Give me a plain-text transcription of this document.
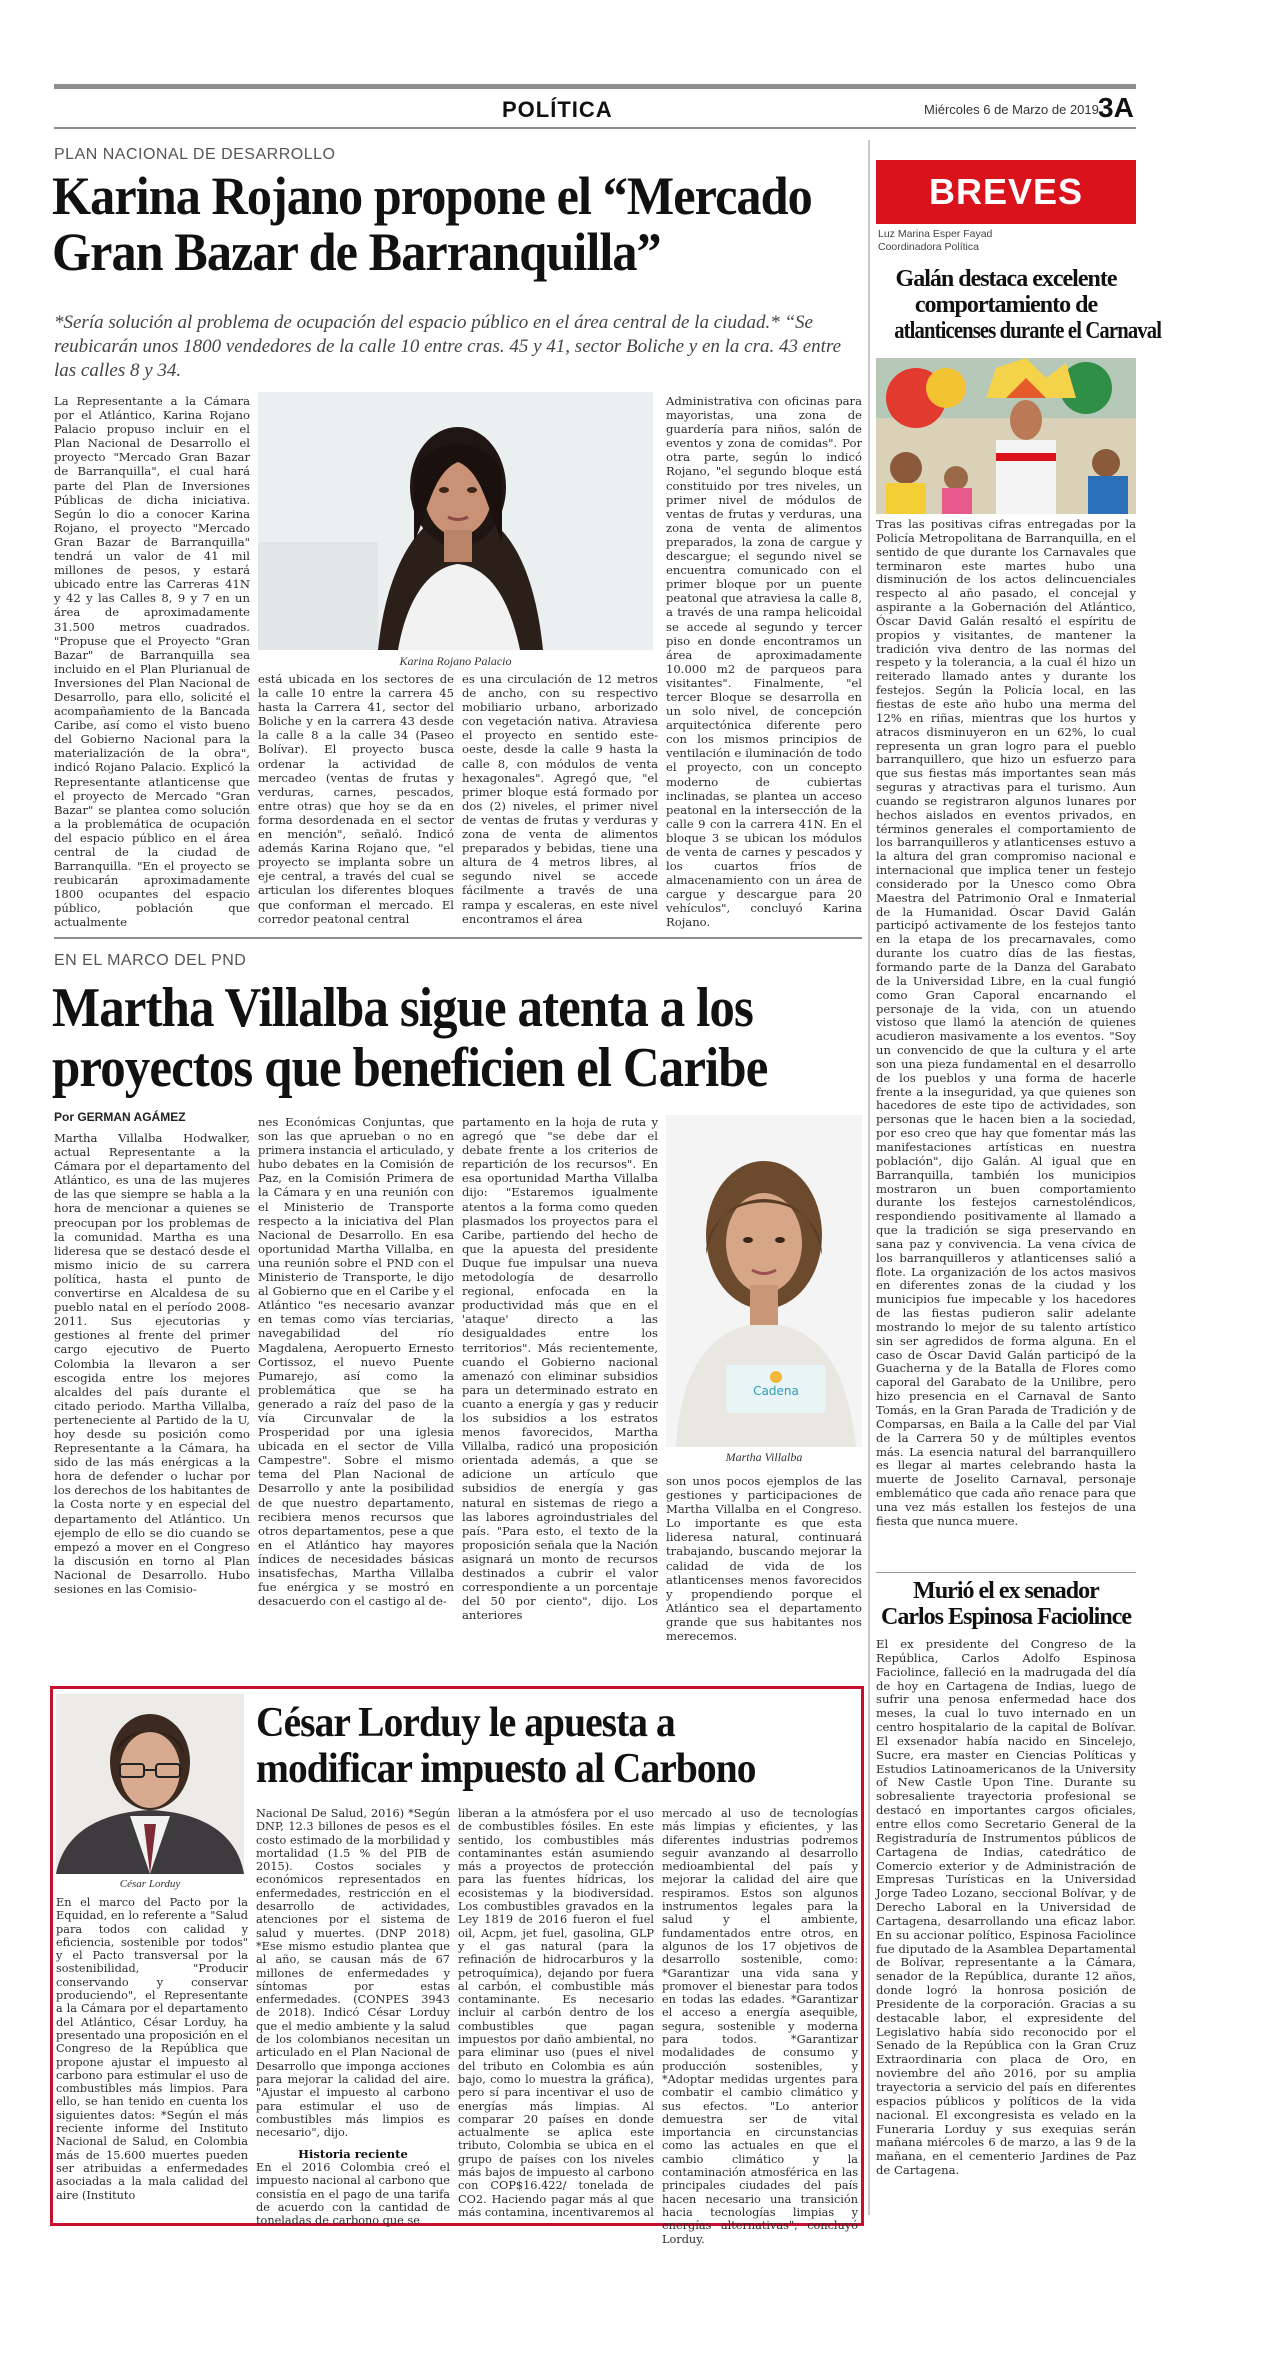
POLÍTICA	Miércoles 6 de Marzo de 2019 3A
PLAN NACIONAL DE DESARROLLO
Karina Rojano propone el “Mercado
Gran Bazar de Barranquilla”
*Sería solución al problema de ocupación del espacio público en el área central de la ciudad.* “Se reubicarán unos 1800 vendedores de la calle 10 entre cras. 45 y 41, sector Boliche y en la cra. 43 entre las calles 8 y 34.
La Representante a la Cámara por el Atlántico, Karina Rojano Palacio propuso incluir en el Plan Nacional de Desarrollo el proyecto "Mercado Gran Bazar de Barranquilla", el cual hará parte del Plan de Inversiones Públicas de dicha iniciativa. Según lo dio a conocer Karina Rojano, el proyecto "Mercado Gran Bazar de Barranquilla" tendrá un valor de 41 mil millones de pesos, y estará ubicado entre las Carreras 41N y 42 y las Calles 8, 9 y 7 en un área de aproximadamente 31.500 metros cuadrados. "Propuse que el Proyecto "Gran Bazar" de Barranquilla sea incluido en el Plan Plurianual de Inversiones del Plan Nacional de Desarrollo, para ello, solicité el acompañamiento de la Bancada Caribe, así como el visto bueno del Gobierno Nacional para la materialización de la obra", indicó Rojano Palacio. Explicó la Representante atlanticense que el proyecto de Mercado "Gran Bazar" se plantea como solución a la problemática de ocupación del espacio público en el área central de la ciudad de Barranquilla. "En el proyecto se reubicarán aproximadamente 1800 ocupantes del espacio público, población que actualmente
Karina Rojano Palacio
está ubicada en los sectores de la calle 10 entre la carrera 45 hasta la Carrera 41, sector del Boliche y en la carrera 43 desde la calle 8 a la calle 34 (Paseo Bolívar). El proyecto busca ordenar la actividad de mercadeo (ventas de frutas y verduras, carnes, pescados, entre otras) que hoy se da en forma desordenada en el sector en mención", señaló. Indicó además Karina Rojano que, "el proyecto se implanta sobre un eje central, a través del cual se articulan los diferentes bloques que conforman el mercado. El corredor peatonal central
es una circulación de 12 metros de ancho, con su respectivo mobiliario urbano, arborizado con vegetación nativa. Atraviesa el proyecto en sentido este-oeste, desde la calle 9 hasta la calle 8, con módulos de venta hexagonales". Agregó que, "el primer bloque está formado por dos (2) niveles, el primer nivel de ventas de frutas y verduras y zona de venta de alimentos preparados y bebidas, tiene una altura de 4 metros libres, al segundo nivel se accede fácilmente a través de una rampa y escaleras, en este nivel encontramos el área
Administrativa con oficinas para mayoristas, una zona de guardería para niños, salón de eventos y zona de comidas". Por otra parte, según lo indicó Rojano, "el segundo bloque está constituido por tres niveles, un primer nivel de módulos de ventas de frutas y verduras, una zona de venta de alimentos preparados, la zona de cargue y descargue; el segundo nivel se encuentra comunicado con el primer bloque por un puente peatonal que atraviesa la calle 8, a través de una rampa helicoidal se accede al segundo y tercer piso en donde encontramos un área de aproximadamente 10.000 m2 de parqueos para visitantes". Finalmente, "el tercer Bloque se desarrolla en un solo nivel, de concepción arquitectónica diferente pero con los mismos principios de ventilación e iluminación de todo el proyecto, con un concepto moderno de cubiertas inclinadas, se plantea un acceso peatonal en la intersección de la calle 9 con la carrera 41N. En el bloque 3 se ubican los módulos de venta de carnes y pescados y los cuartos fríos de almacenamiento con un área de cargue y descargue para 20 vehículos", concluyó Karina Rojano.
EN EL MARCO DEL PND
Martha Villalba sigue atenta a los
proyectos que beneficien el Caribe
Por GERMAN AGÁMEZ
Martha Villalba Hodwalker, actual Representante a la Cámara por el departamento del Atlántico, es una de las mujeres de las que siempre se habla a la hora de mencionar a quienes se preocupan por los problemas de la comunidad. Martha es una lideresa que se destacó desde el mismo inicio de su carrera política, hasta el punto de convertirse en Alcaldesa de su pueblo natal en el período 2008- 2011. Sus ejecutorias y gestiones al frente del primer cargo ejecutivo de Puerto Colombia la llevaron a ser escogida entre los mejores alcaldes del país durante el citado periodo. Martha Villalba, perteneciente al Partido de la U, hoy desde su posición como Representante a la Cámara, ha sido de las más enérgicas a la hora de defender o luchar por los derechos de los habitantes de la Costa norte y en especial del departamento del Atlántico. Un ejemplo de ello se dio cuando se empezó a mover en el Congreso la discusión en torno al Plan Nacional de Desarrollo. Hubo sesiones en las Comisio-
nes Económicas Conjuntas, que son las que aprueban o no en primera instancia el articulado, y hubo debates en la Comisión de Paz, en la Comisión Primera de la Cámara y en una reunión con el Ministerio de Transporte respecto a la iniciativa del Plan Nacional de Desarrollo. En esa oportunidad Martha Villalba, en una reunión sobre el PND con el Ministerio de Transporte, le dijo al Gobierno que en el Caribe y el Atlántico "es necesario avanzar en temas como vías terciarias, navegabilidad del río Magdalena, Aeropuerto Ernesto Cortissoz, el nuevo Puente Pumarejo, así como la problemática que se ha generado a raíz del paso de la vía Circunvalar de la Prosperidad por una iglesia ubicada en el sector de Villa Campestre". Sobre el mismo tema del Plan Nacional de Desarrollo y ante la posibilidad de que nuestro departamento, recibiera menos recursos que otros departamentos, pese a que en el Atlántico hay mayores índices de necesidades básicas insatisfechas, Martha Villalba fue enérgica y se mostró en desacuerdo con el castigo al de-
partamento en la hoja de ruta y agregó que "se debe dar el debate frente a los criterios de repartición de los recursos". En esa oportunidad Martha Villalba dijo: "Estaremos igualmente atentos a la forma como queden plasmados los proyectos para el Caribe, partiendo del hecho de que la apuesta del presidente Duque fue impulsar una nueva metodología de desarrollo regional, enfocada en la productividad más que en el 'ataque' directo a las desigualdades entre los territorios". Más recientemente, cuando el Gobierno nacional amenazó con eliminar subsidios para un determinado estrato en cuanto a energía y gas y reducir los subsidios a los estratos menos favorecidos, Martha Villalba, radicó una proposición orientada además, a que se adicione un artículo que subsidios de energía y gas natural en sistemas de riego a las labores agroindustriales del país. "Para esto, el texto de la proposición señala que la Nación asignará un monto de recursos destinados a cubrir el valor correspondiente a un porcentaje del 50 por ciento", dijo. Los anteriores
Cadena
Martha Villalba
son unos pocos ejemplos de las gestiones y participaciones de Martha Villalba en el Congreso. Lo importante es que esta lideresa natural, continuará trabajando, buscando mejorar la calidad de vida de los atlanticenses menos favorecidos y propendiendo porque el Atlántico sea el departamento grande que sus habitantes nos merecemos.
César Lorduy
César Lorduy le apuesta a
modificar impuesto al Carbono
En el marco del Pacto por la Equidad, en lo referente a "Salud para todos con calidad y eficiencia, sostenible por todos" y el Pacto transversal por la sostenibilidad, "Producir conservando y conservar produciendo", el Representante a la Cámara por el departamento del Atlántico, César Lorduy, ha presentado una proposición en el Congreso de la República que propone ajustar el impuesto al carbono para estimular el uso de combustibles más limpios. Para ello, se han tenido en cuenta los siguientes datos: *Según el más reciente informe del Instituto Nacional de Salud, en Colombia más de 15.600 muertes pueden ser atribuidas a enfermedades asociadas a la mala calidad del aire (Instituto
Nacional De Salud, 2016) *Según DNP, 12.3 billones de pesos es el costo estimado de la morbilidad y mortalidad (1.5 % del PIB de 2015). Costos sociales y económicos representados en enfermedades, restricción en el desarrollo de actividades, atenciones por el sistema de salud y muertes. (DNP 2018) *Ese mismo estudio plantea que al año, se causan más de 67 millones de enfermedades y síntomas por estas enfermedades. (CONPES 3943 de 2018). Indicó César Lorduy que el medio ambiente y la salud de los colombianos necesitan un articulado en el Plan Nacional de Desarrollo que imponga acciones para mejorar la calidad del aire. "Ajustar el impuesto al carbono para estimular el uso de combustibles más limpios es necesario", dijo.
Historia reciente
En el 2016 Colombia creó el impuesto nacional al carbono que consistía en el pago de una tarifa de acuerdo con la cantidad de toneladas de carbono que se
liberan a la atmósfera por el uso de combustibles fósiles. En este sentido, los combustibles más contaminantes están asumiendo más a proyectos de protección para las fuentes hídricas, los ecosistemas y la biodiversidad. Los combustibles gravados en la Ley 1819 de 2016 fueron el fuel oil, Acpm, jet fuel, gasolina, GLP y el gas natural (para la refinación de hidrocarburos y la petroquímica), dejando por fuera al carbón, el combustible más contaminante. Es necesario incluir al carbón dentro de los combustibles que pagan impuestos por daño ambiental, no para eliminar uso (pues el nivel del tributo en Colombia es aún bajo, como lo muestra la gráfica), pero sí para incentivar el uso de energías más limpias. Al comparar 20 países en donde actualmente se aplica este tributo, Colombia se ubica en el grupo de países con los niveles más bajos de impuesto al carbono con COP$16.422/ tonelada de CO2. Haciendo pagar más al que más contamina, incentivaremos al
mercado al uso de tecnologías más limpias y eficientes, y las diferentes industrias podremos seguir avanzando al desarrollo medioambiental del país y mejorar la calidad del aire que respiramos. Estos son algunos instrumentos legales para la salud y el ambiente, fundamentados entre otros, en algunos de los 17 objetivos de desarrollo sostenible, como: *Garantizar una vida sana y promover el bienestar para todos en todas las edades. *Garantizar el acceso a energía asequible, segura, sostenible y moderna para todos. *Garantizar modalidades de consumo y producción sostenibles, y *Adoptar medidas urgentes para combatir el cambio climático y sus efectos. "Lo anterior demuestra ser de vital importancia en circunstancias como las actuales en que el cambio climático y la contaminación atmosférica en las principales ciudades del país hacen necesario una transición hacia tecnologías limpias y energías alternativas", concluyó Lorduy.
BREVES
Luz Marina Esper Fayad
Coordinadora Política
Galán destaca excelente
comportamiento de
atlanticenses durante el Carnaval
Tras las positivas cifras entregadas por la Policía Metropolitana de Barranquilla, en el sentido de que durante los Carnavales que terminaron este martes hubo una disminución de los actos delincuenciales respecto al año pasado, el concejal y aspirante a la Gobernación del Atlántico, Óscar David Galán resaltó el espíritu de propios y visitantes, de mantener la tradición viva dentro de las normas del respeto y la tolerancia, a la cual él hizo un reiterado llamado antes y durante los festejos. Según la Policía local, en las fiestas de este año hubo una merma del 12% en riñas, mientras que los hurtos y atracos disminuyeron en un 62%, lo cual representa un gran logro para el pueblo barranquillero, que hizo un esfuerzo para que sus fiestas más importantes sean más seguras y atractivas para el turismo. Aun cuando se registraron algunos lunares por hechos aislados en eventos privados, en términos generales el comportamiento de los barranquilleros y atlanticenses estuvo a la altura del gran compromiso nacional e internacional que implica tener un festejo considerado por la Unesco como Obra Maestra del Patrimonio Oral e Inmaterial de la Humanidad. Óscar David Galán participó activamente de los festejos tanto en la etapa de los precarnavales, como durante los cuatro días de las fiestas, formando parte de la Danza del Garabato de la Universidad Libre, en la cual fungió como Gran Caporal encarnando el personaje de la vida, con un atuendo vistoso que llamó la atención de quienes acudieron masivamente a los eventos. "Soy un convencido de que la cultura y el arte son una pieza fundamental en el desarrollo de los pueblos y una forma de hacerle frente a la inseguridad, ya que quienes son hacedores de este tipo de actividades, son personas que le hacen bien a la sociedad, por eso creo que hay que fomentar más las manifestaciones artísticas en nuestra población", dijo Galán. Al igual que en Barranquilla, también los municipios mostraron un buen comportamiento durante los festejos carnestoléndicos, respondiendo positivamente al llamado a que la tradición se siga preservando en sana paz y convivencia. La vena cívica de los barranquilleros y atlanticenses salió a flote. La organización de los actos masivos en diferentes zonas de la ciudad y los municipios fue impecable y los hacedores de las fiestas pudieron salir adelante mostrando lo mejor de su talento artístico sin ser agredidos de forma alguna. En el caso de Óscar David Galán participó de la Guacherna y de la Batalla de Flores como caporal del Garabato de la Unilibre, pero hizo presencia en el Carnaval de Santo Tomás, en la Gran Parada de Tradición y de Comparsas, en Baila a la Calle del par Vial de la Carrera 50 y de múltiples eventos más. La esencia natural del barranquillero es llegar al martes celebrando hasta la muerte de Joselito Carnaval, personaje emblemático que cada año renace para que una vez más estallen los festejos de una fiesta que nunca muere.
Murió el ex senador
Carlos Espinosa Faciolince
El ex presidente del Congreso de la República, Carlos Adolfo Espinosa Faciolince, falleció en la madrugada del día de hoy en Cartagena de Indias, luego de sufrir una penosa enfermedad hace dos meses, la cual lo tuvo internado en un centro hospitalario de la capital de Bolívar. El exsenador había nacido en Sincelejo, Sucre, era master en Ciencias Políticas y Estudios Latinoamericanos de la University of New Castle Upon Tine. Durante su sobresaliente trayectoria profesional se destacó en importantes cargos oficiales, entre ellos como Secretario General de la Registraduría de Instrumentos públicos de Cartagena de Indias, catedrático de Comercio exterior y de Administración de Empresas Turísticas en la Universidad Jorge Tadeo Lozano, seccional Bolívar, y de Derecho Laboral en la Universidad de Cartagena, desarrollando una eficaz labor. En su accionar político, Espinosa Faciolince fue diputado de la Asamblea Departamental de Bolívar, representante a la Cámara, senador de la República, durante 12 años, donde logró la honrosa posición de Presidente de la corporación. Gracias a su destacable labor, el expresidente del Legislativo había sido reconocido por el Senado de la República con la Gran Cruz Extraordinaria con placa de Oro, en noviembre del año 2016, por su amplia trayectoria a servicio del país en diferentes espacios públicos y políticos de la vida nacional. El excongresista es velado en la Funeraria Lorduy y sus exequias serán mañana miércoles 6 de marzo, a las 9 de la mañana, en el cementerio Jardines de Paz de Cartagena.
